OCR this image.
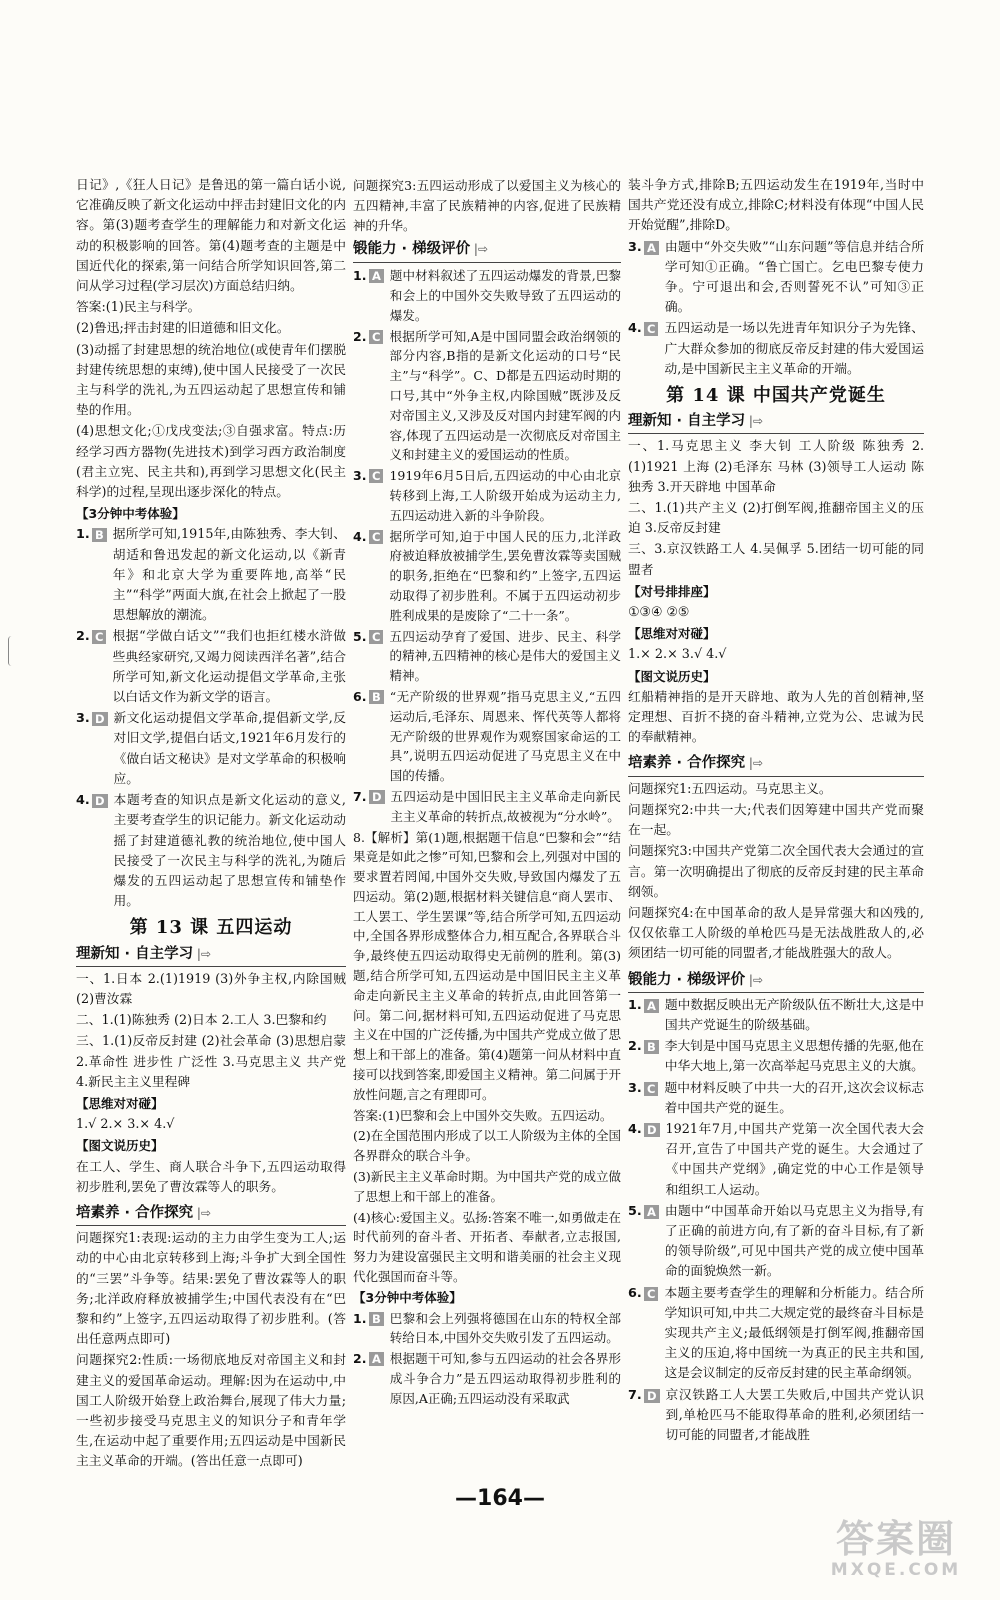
日记》,《狂人日记》是鲁迅的第一篇白话小说,它准确反映了新文化运动中抨击封建旧文化的内容。第(3)题考查学生的理解能力和对新文化运动的积极影响的回答。第(4)题考查的主题是中国近代化的探索,第一问结合所学知识回答,第二问从学习过程(学习层次)方面总结归纳。
答案:(1)民主与科学。
(2)鲁迅;抨击封建的旧道德和旧文化。
(3)动摇了封建思想的统治地位(或使青年们摆脱封建传统思想的束缚),使中国人民接受了一次民主与科学的洗礼,为五四运动起了思想宣传和铺垫的作用。
(4)思想文化;①戊戌变法;③自强求富。特点:历经学习西方器物(先进技术)到学习西方政治制度(君主立宪、民主共和),再到学习思想文化(民主科学)的过程,呈现出逐步深化的特点。
【3分钟中考体验】
1. B 据所学可知,1915年,由陈独秀、李大钊、胡适和鲁迅发起的新文化运动,以《新青年》和北京大学为重要阵地,高举“民主”“科学”两面大旗,在社会上掀起了一股思想解放的潮流。
2. C 根据“学做白话文”“我们也拒红楼水浒做些典经家研究,又竭力阅读西洋名著”,结合所学可知,新文化运动提倡文学革命,主张以白话文作为新文学的语言。
3. D 新文化运动提倡文学革命,提倡新文学,反对旧文学,提倡白话文,1921年6月发行的《做白话文秘诀》是对文学革命的积极响应。
4. D 本题考查的知识点是新文化运动的意义,主要考查学生的识记能力。新文化运动动摇了封建道德礼教的统治地位,使中国人民接受了一次民主与科学的洗礼,为随后爆发的五四运动起了思想宣传和铺垫作用。
第 13 课 五四运动
理新知 · 自主学习 |⇨
一、1.日本 2.(1)1919 (3)外争主权,内除国贼 (2)曹汝霖
二、1.(1)陈独秀 (2)日本 2.工人 3.巴黎和约
三、1.(1)反帝反封建 (2)社会革命 (3)思想启蒙 2.革命性 进步性 广泛性 3.马克思主义 共产党 4.新民主主义里程碑
【思维对对碰】
1.√ 2.× 3.× 4.√
【图文说历史】
在工人、学生、商人联合斗争下,五四运动取得初步胜利,罢免了曹汝霖等人的职务。
培素养 · 合作探究 |⇨
问题探究1:表现:运动的主力由学生变为工人;运动的中心由北京转移到上海;斗争扩大到全国性的“三罢”斗争等。结果:罢免了曹汝霖等人的职务;北洋政府释放被捕学生;中国代表没有在“巴黎和约”上签字,五四运动取得了初步胜利。(答出任意两点即可)
问题探究2:性质:一场彻底地反对帝国主义和封建主义的爱国革命运动。理解:因为在运动中,中国工人阶级开始登上政治舞台,展现了伟大力量;一些初步接受马克思主义的知识分子和青年学生,在运动中起了重要作用;五四运动是中国新民主主义革命的开端。(答出任意一点即可)
问题探究3:五四运动形成了以爱国主义为核心的五四精神,丰富了民族精神的内容,促进了民族精神的升华。
锻能力 · 梯级评价 |⇨
1. A 题中材料叙述了五四运动爆发的背景,巴黎和会上的中国外交失败导致了五四运动的爆发。
2. C 根据所学可知,A是中国同盟会政治纲领的部分内容,B指的是新文化运动的口号“民主”与“科学”。C、D都是五四运动时期的口号,其中“外争主权,内除国贼”既涉及反对帝国主义,又涉及反对国内封建军阀的内容,体现了五四运动是一次彻底反对帝国主义和封建主义的爱国运动的性质。
3. C 1919年6月5日后,五四运动的中心由北京转移到上海,工人阶级开始成为运动主力,五四运动进入新的斗争阶段。
4. C 据所学可知,迫于中国人民的压力,北洋政府被迫释放被捕学生,罢免曹汝霖等卖国贼的职务,拒绝在“巴黎和约”上签字,五四运动取得了初步胜利。不属于五四运动初步胜利成果的是废除了“二十一条”。
5. C 五四运动孕育了爱国、进步、民主、科学的精神,五四精神的核心是伟大的爱国主义精神。
6. B “无产阶级的世界观”指马克思主义,“五四运动后,毛泽东、周恩来、恽代英等人都将无产阶级的世界观作为观察国家命运的工具”,说明五四运动促进了马克思主义在中国的传播。
7. D 五四运动是中国旧民主主义革命走向新民主主义革命的转折点,故被视为“分水岭”。
8.【解析】第(1)题,根据题干信息“巴黎和会”“结果竟是如此之惨”可知,巴黎和会上,列强对中国的要求置若罔闻,中国外交失败,导致国内爆发了五四运动。第(2)题,根据材料关键信息“商人罢市、工人罢工、学生罢课”等,结合所学可知,五四运动中,全国各界形成整体合力,相互配合,各界联合斗争,最终使五四运动取得史无前例的胜利。第(3)题,结合所学可知,五四运动是中国旧民主主义革命走向新民主主义革命的转折点,由此回答第一问。第二问,据材料可知,五四运动促进了马克思主义在中国的广泛传播,为中国共产党成立做了思想上和干部上的准备。第(4)题第一问从材料中直接可以找到答案,即爱国主义精神。第二问属于开放性问题,言之有理即可。
答案:(1)巴黎和会上中国外交失败。五四运动。
(2)在全国范围内形成了以工人阶级为主体的全国各界群众的联合斗争。
(3)新民主主义革命时期。为中国共产党的成立做了思想上和干部上的准备。
(4)核心:爱国主义。弘扬:答案不唯一,如勇做走在时代前列的奋斗者、开拓者、奉献者,立志报国,努力为建设富强民主文明和谐美丽的社会主义现代化强国而奋斗等。
【3分钟中考体验】
1. B 巴黎和会上列强将德国在山东的特权全部转给日本,中国外交失败引发了五四运动。
2. A 根据题干可知,参与五四运动的社会各界形成斗争合力”是五四运动取得初步胜利的原因,A正确;五四运动没有采取武
装斗争方式,排除B;五四运动发生在1919年,当时中国共产党还没有成立,排除C;材料没有体现“中国人民开始觉醒”,排除D。
3. A 由题中“外交失败”“山东问题”等信息并结合所学可知①正确。“鲁亡国亡。乞电巴黎专使力争。宁可退出和会,否则誓死不认”可知③正确。
4. C 五四运动是一场以先进青年知识分子为先锋、广大群众参加的彻底反帝反封建的伟大爱国运动,是中国新民主主义革命的开端。
第 14 课 中国共产党诞生
理新知 · 自主学习 |⇨
一、1.马克思主义 李大钊 工人阶级 陈独秀 2.(1)1921 上海 (2)毛泽东 马林 (3)领导工人运动 陈独秀 3.开天辟地 中国革命
二、1.(1)共产主义 (2)打倒军阀,推翻帝国主义的压迫 3.反帝反封建
三、3.京汉铁路工人 4.吴佩孚 5.团结一切可能的同盟者
【对号排排座】
①③④ ②⑤
【思维对对碰】
1.× 2.× 3.√ 4.√
【图文说历史】
红船精神指的是开天辟地、敢为人先的首创精神,坚定理想、百折不挠的奋斗精神,立党为公、忠诚为民的奉献精神。
培素养 · 合作探究 |⇨
问题探究1:五四运动。马克思主义。
问题探究2:中共一大;代表们因筹建中国共产党而聚在一起。
问题探究3:中国共产党第二次全国代表大会通过的宣言。第一次明确提出了彻底的反帝反封建的民主革命纲领。
问题探究4:在中国革命的敌人是异常强大和凶残的,仅仅依靠工人阶级的单枪匹马是无法战胜敌人的,必须团结一切可能的同盟者,才能战胜强大的敌人。
锻能力 · 梯级评价 |⇨
1. A 题中数据反映出无产阶级队伍不断壮大,这是中国共产党诞生的阶级基础。
2. B 李大钊是中国马克思主义思想传播的先驱,他在中华大地上,第一次高举起马克思主义的大旗。
3. C 题中材料反映了中共一大的召开,这次会议标志着中国共产党的诞生。
4. D 1921年7月,中国共产党第一次全国代表大会召开,宣告了中国共产党的诞生。大会通过了《中国共产党纲》,确定党的中心工作是领导和组织工人运动。
5. A 由题中“中国革命开始以马克思主义为指导,有了正确的前进方向,有了新的奋斗目标,有了新的领导阶级”,可见中国共产党的成立使中国革命的面貌焕然一新。
6. C 本题主要考查学生的理解和分析能力。结合所学知识可知,中共二大规定党的最终奋斗目标是实现共产主义;最低纲领是打倒军阀,推翻帝国主义的压迫,将中国统一为真正的民主共和国,这是会议制定的反帝反封建的民主革命纲领。
7. D 京汉铁路工人大罢工失败后,中国共产党认识到,单枪匹马不能取得革命的胜利,必须团结一切可能的同盟者,才能战胜
—164—
答案圈
MXQE.COM
